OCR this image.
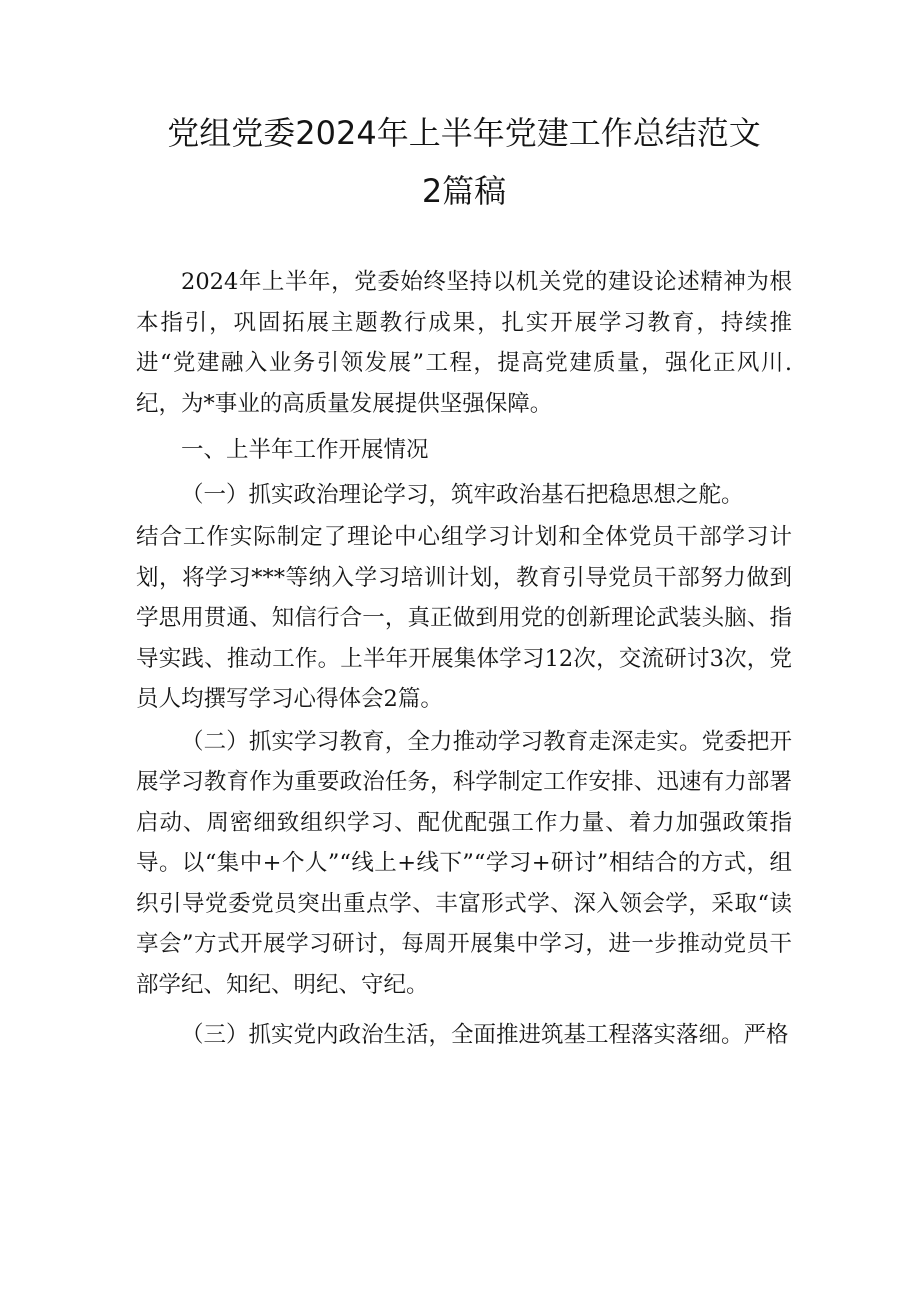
党组党委2024年上半年党建工作总结范文
2篇稿

2024年上半年，党委始终坚持以机关党的建设论述精神为根本指引，巩固拓展主题教行成果，扎实开展学习教育，持续推进“党建融入业务引领发展”工程，提高党建质量，强化正风川.纪，为*事业的高质量发展提供坚强保障。

一、上半年工作开展情况

（一）抓实政治理论学习，筑牢政治基石把稳思想之舵。

结合工作实际制定了理论中心组学习计划和全体党员干部学习计划，将学习***等纳入学习培训计划，教育引导党员干部努力做到学思用贯通、知信行合一，真正做到用党的创新理论武装头脑、指导实践、推动工作。上半年开展集体学习12次，交流研讨3次，党员人均撰写学习心得体会2篇。

（二）抓实学习教育，全力推动学习教育走深走实。党委把开展学习教育作为重要政治任务，科学制定工作安排、迅速有力部署启动、周密细致组织学习、配优配强工作力量、着力加强政策指导。以“集中+个人”“线上+线下”“学习+研讨”相结合的方式，组织引导党委党员突出重点学、丰富形式学、深入领会学，采取“读享会”方式开展学习研讨，每周开展集中学习，进一步推动党员干部学纪、知纪、明纪、守纪。

（三）抓实党内政治生活，全面推进筑基工程落实落细。严格
